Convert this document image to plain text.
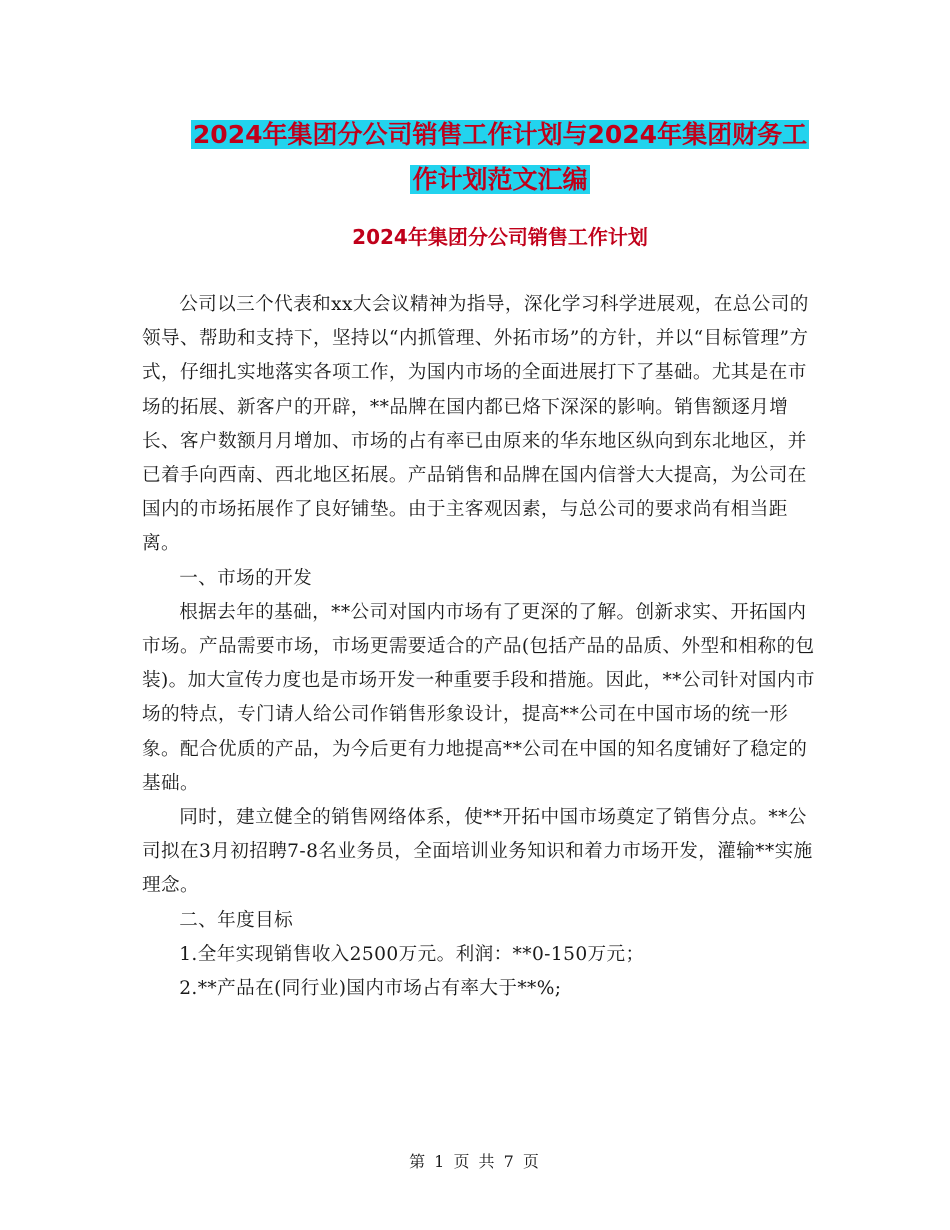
2024年集团分公司销售工作计划与2024年集团财务工
作计划范文汇编
2024年集团分公司销售工作计划

公司以三个代表和xx大会议精神为指导，深化学习科学进展观，在总公司的领导、帮助和支持下，坚持以“内抓管理、外拓市场”的方针，并以“目标管理”方式，仔细扎实地落实各项工作，为国内市场的全面进展打下了基础。尤其是在市场的拓展、新客户的开辟，**品牌在国内都已烙下深深的影响。销售额逐月增长、客户数额月月增加、市场的占有率已由原来的华东地区纵向到东北地区，并已着手向西南、西北地区拓展。产品销售和品牌在国内信誉大大提高，为公司在国内的市场拓展作了良好铺垫。由于主客观因素，与总公司的要求尚有相当距离。

一、市场的开发

根据去年的基础，**公司对国内市场有了更深的了解。创新求实、开拓国内市场。产品需要市场，市场更需要适合的产品(包括产品的品质、外型和相称的包装)。加大宣传力度也是市场开发一种重要手段和措施。因此，**公司针对国内市场的特点，专门请人给公司作销售形象设计，提高**公司在中国市场的统一形象。配合优质的产品，为今后更有力地提高**公司在中国的知名度铺好了稳定的基础。

同时，建立健全的销售网络体系，使**开拓中国市场奠定了销售分点。**公司拟在3月初招聘7-8名业务员，全面培训业务知识和着力市场开发，灌输**实施理念。

二、年度目标

1.全年实现销售收入2500万元。利润：**0-150万元；

2.**产品在(同行业)国内市场占有率大于**%;

第 1 页 共 7 页
